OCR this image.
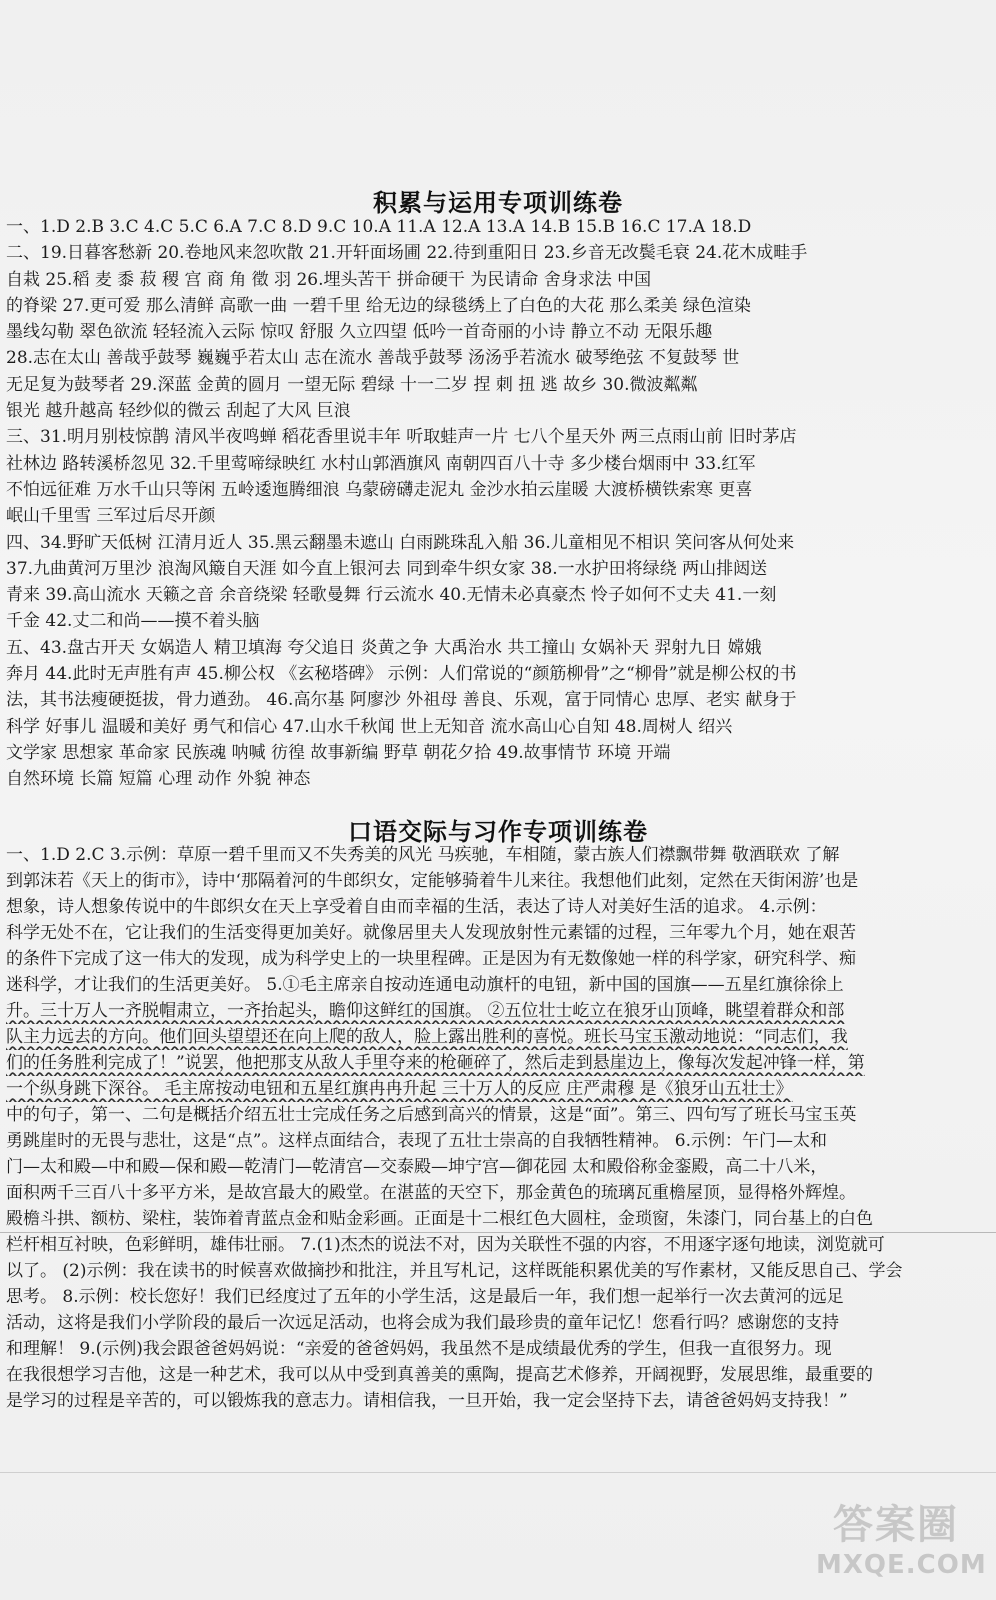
积累与运用专项训练卷
一、1.D 2.B 3.C 4.C 5.C 6.A 7.C 8.D 9.C 10.A 11.A 12.A 13.A 14.B 15.B 16.C 17.A 18.D
二、19.日暮客愁新 20.卷地风来忽吹散 21.开轩面场圃 22.待到重阳日 23.乡音无改鬓毛衰 24.花木成畦手
自栽 25.稻 麦 黍 菽 稷 宫 商 角 徵 羽 26.埋头苦干 拼命硬干 为民请命 舍身求法 中国
的脊梁 27.更可爱 那么清鲜 高歌一曲 一碧千里 给无边的绿毯绣上了白色的大花 那么柔美 绿色渲染
墨线勾勒 翠色欲流 轻轻流入云际 惊叹 舒服 久立四望 低吟一首奇丽的小诗 静立不动 无限乐趣
28.志在太山 善哉乎鼓琴 巍巍乎若太山 志在流水 善哉乎鼓琴 汤汤乎若流水 破琴绝弦 不复鼓琴 世
无足复为鼓琴者 29.深蓝 金黄的圆月 一望无际 碧绿 十一二岁 捏 刺 扭 逃 故乡 30.微波粼粼
银光 越升越高 轻纱似的微云 刮起了大风 巨浪
三、31.明月别枝惊鹊 清风半夜鸣蝉 稻花香里说丰年 听取蛙声一片 七八个星天外 两三点雨山前 旧时茅店
社林边 路转溪桥忽见 32.千里莺啼绿映红 水村山郭酒旗风 南朝四百八十寺 多少楼台烟雨中 33.红军
不怕远征难 万水千山只等闲 五岭逶迤腾细浪 乌蒙磅礴走泥丸 金沙水拍云崖暖 大渡桥横铁索寒 更喜
岷山千里雪 三军过后尽开颜
四、34.野旷天低树 江清月近人 35.黑云翻墨未遮山 白雨跳珠乱入船 36.儿童相见不相识 笑问客从何处来
37.九曲黄河万里沙 浪淘风簸自天涯 如今直上银河去 同到牵牛织女家 38.一水护田将绿绕 两山排闼送
青来 39.高山流水 天籁之音 余音绕梁 轻歌曼舞 行云流水 40.无情未必真豪杰 怜子如何不丈夫 41.一刻
千金 42.丈二和尚——摸不着头脑
五、43.盘古开天 女娲造人 精卫填海 夸父追日 炎黄之争 大禹治水 共工撞山 女娲补天 羿射九日 嫦娥
奔月 44.此时无声胜有声 45.柳公权 《玄秘塔碑》 示例：人们常说的“颜筋柳骨”之“柳骨”就是柳公权的书
法，其书法瘦硬挺拔，骨力遒劲。 46.高尔基 阿廖沙 外祖母 善良、乐观，富于同情心 忠厚、老实 献身于
科学 好事儿 温暖和美好 勇气和信心 47.山水千秋闻 世上无知音 流水高山心自知 48.周树人 绍兴
文学家 思想家 革命家 民族魂 呐喊 彷徨 故事新编 野草 朝花夕拾 49.故事情节 环境 开端
自然环境 长篇 短篇 心理 动作 外貌 神态
口语交际与习作专项训练卷
一、1.D 2.C 3.示例：草原一碧千里而又不失秀美的风光 马疾驰，车相随，蒙古族人们襟飘带舞 敬酒联欢 了解
到郭沫若《天上的街市》，诗中‘那隔着河的牛郎织女，定能够骑着牛儿来往。我想他们此刻，定然在天街闲游’也是
想象，诗人想象传说中的牛郎织女在天上享受着自由而幸福的生活，表达了诗人对美好生活的追求。 4.示例：
科学无处不在，它让我们的生活变得更加美好。就像居里夫人发现放射性元素镭的过程，三年零九个月，她在艰苦
的条件下完成了这一伟大的发现，成为科学史上的一块里程碑。正是因为有无数像她一样的科学家，研究科学、痴
迷科学，才让我们的生活更美好。 5.①毛主席亲自按动连通电动旗杆的电钮，新中国的国旗——五星红旗徐徐上
升。三十万人一齐脱帽肃立，一齐抬起头，瞻仰这鲜红的国旗。 ②五位壮士屹立在狼牙山顶峰，眺望着群众和部
队主力远去的方向。他们回头望望还在向上爬的敌人，脸上露出胜利的喜悦。班长马宝玉激动地说：“同志们，我
们的任务胜利完成了！”说罢，他把那支从敌人手里夺来的枪砸碎了，然后走到悬崖边上，像每次发起冲锋一样，第
一个纵身跳下深谷。 毛主席按动电钮和五星红旗冉冉升起 三十万人的反应 庄严肃穆 是《狼牙山五壮士》
中的句子，第一、二句是概括介绍五壮士完成任务之后感到高兴的情景，这是“面”。第三、四句写了班长马宝玉英
勇跳崖时的无畏与悲壮，这是“点”。这样点面结合，表现了五壮士崇高的自我牺牲精神。 6.示例：午门—太和
门—太和殿—中和殿—保和殿—乾清门—乾清宫—交泰殿—坤宁宫—御花园 太和殿俗称金銮殿，高二十八米，
面积两千三百八十多平方米，是故宫最大的殿堂。在湛蓝的天空下，那金黄色的琉璃瓦重檐屋顶，显得格外辉煌。
殿檐斗拱、额枋、梁柱，装饰着青蓝点金和贴金彩画。正面是十二根红色大圆柱，金琐窗，朱漆门，同台基上的白色
栏杆相互衬映，色彩鲜明，雄伟壮丽。 7.(1)杰杰的说法不对，因为关联性不强的内容，不用逐字逐句地读，浏览就可
以了。 (2)示例：我在读书的时候喜欢做摘抄和批注，并且写札记，这样既能积累优美的写作素材，又能反思自己、学会
思考。 8.示例：校长您好！我们已经度过了五年的小学生活，这是最后一年，我们想一起举行一次去黄河的远足
活动，这将是我们小学阶段的最后一次远足活动，也将会成为我们最珍贵的童年记忆！您看行吗？感谢您的支持
和理解！ 9.(示例)我会跟爸爸妈妈说：“亲爱的爸爸妈妈，我虽然不是成绩最优秀的学生，但我一直很努力。现
在我很想学习吉他，这是一种艺术，我可以从中受到真善美的熏陶，提高艺术修养，开阔视野，发展思维，最重要的
是学习的过程是辛苦的，可以锻炼我的意志力。请相信我，一旦开始，我一定会坚持下去，请爸爸妈妈支持我！”
答案圈
MXQE.COM
